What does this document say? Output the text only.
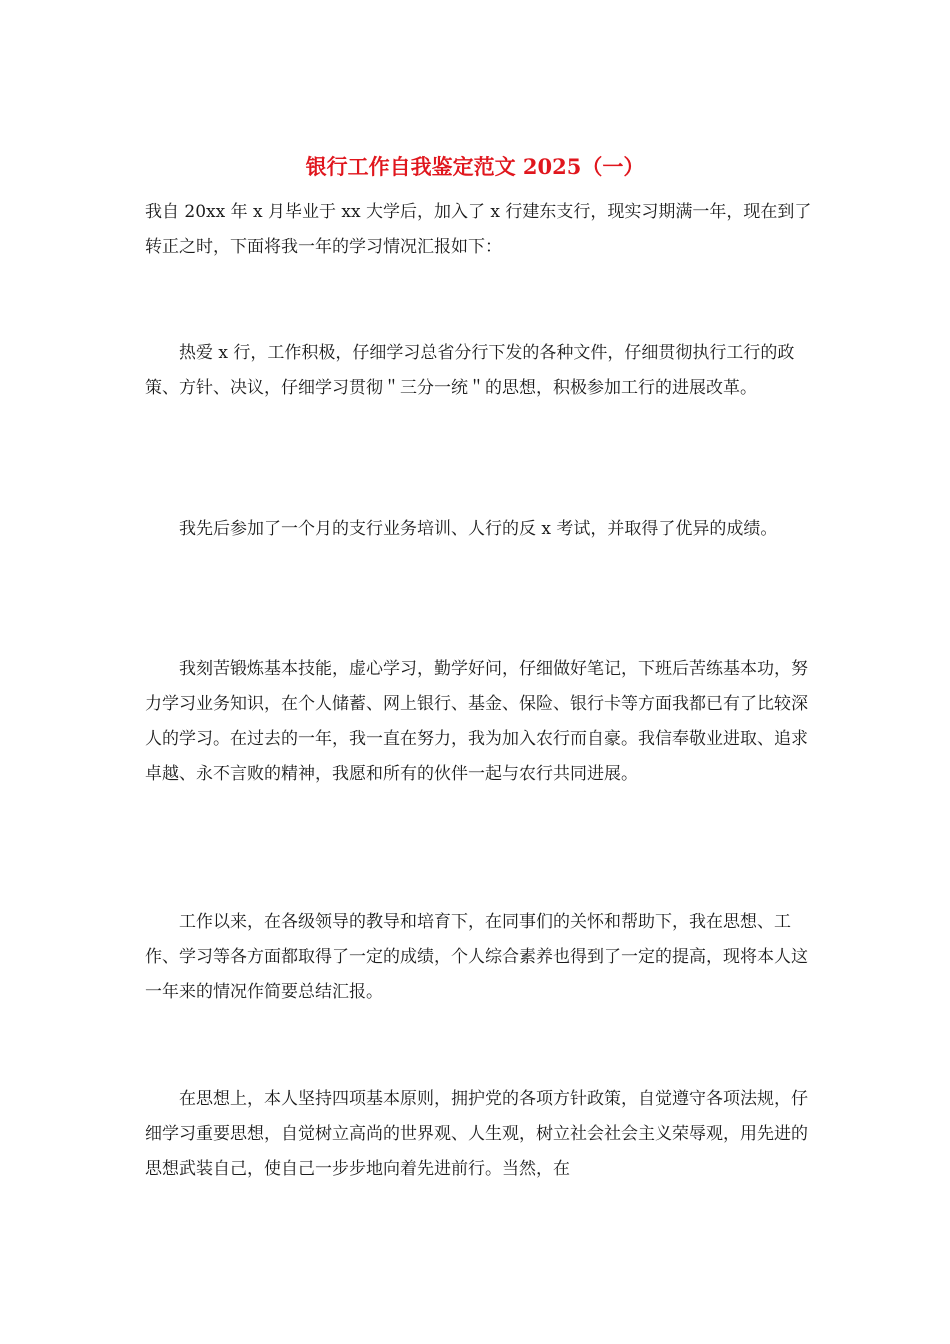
银行工作自我鉴定范文 2025（一）

我自 20xx 年 x 月毕业于 xx 大学后，加入了 x 行建东支行，现实习期满一年，现在到了转正之时，下面将我一年的学习情况汇报如下：

热爱 x 行，工作积极，仔细学习总省分行下发的各种文件，仔细贯彻执行工行的政策、方针、决议，仔细学习贯彻＂三分一统＂的思想，积极参加工行的进展改革。

我先后参加了一个月的支行业务培训、人行的反 x 考试，并取得了优异的成绩。

我刻苦锻炼基本技能，虚心学习，勤学好问，仔细做好笔记，下班后苦练基本功，努力学习业务知识，在个人储蓄、网上银行、基金、保险、银行卡等方面我都已有了比较深人的学习。在过去的一年，我一直在努力，我为加入农行而自豪。我信奉敬业进取、追求卓越、永不言败的精神，我愿和所有的伙伴一起与农行共同进展。

工作以来，在各级领导的教导和培育下，在同事们的关怀和帮助下，我在思想、工作、学习等各方面都取得了一定的成绩，个人综合素养也得到了一定的提高，现将本人这一年来的情况作简要总结汇报。

在思想上，本人坚持四项基本原则，拥护党的各项方针政策，自觉遵守各项法规，仔细学习重要思想，自觉树立高尚的世界观、人生观，树立社会社会主义荣辱观，用先进的思想武装自己，使自己一步步地向着先进前行。当然，在
